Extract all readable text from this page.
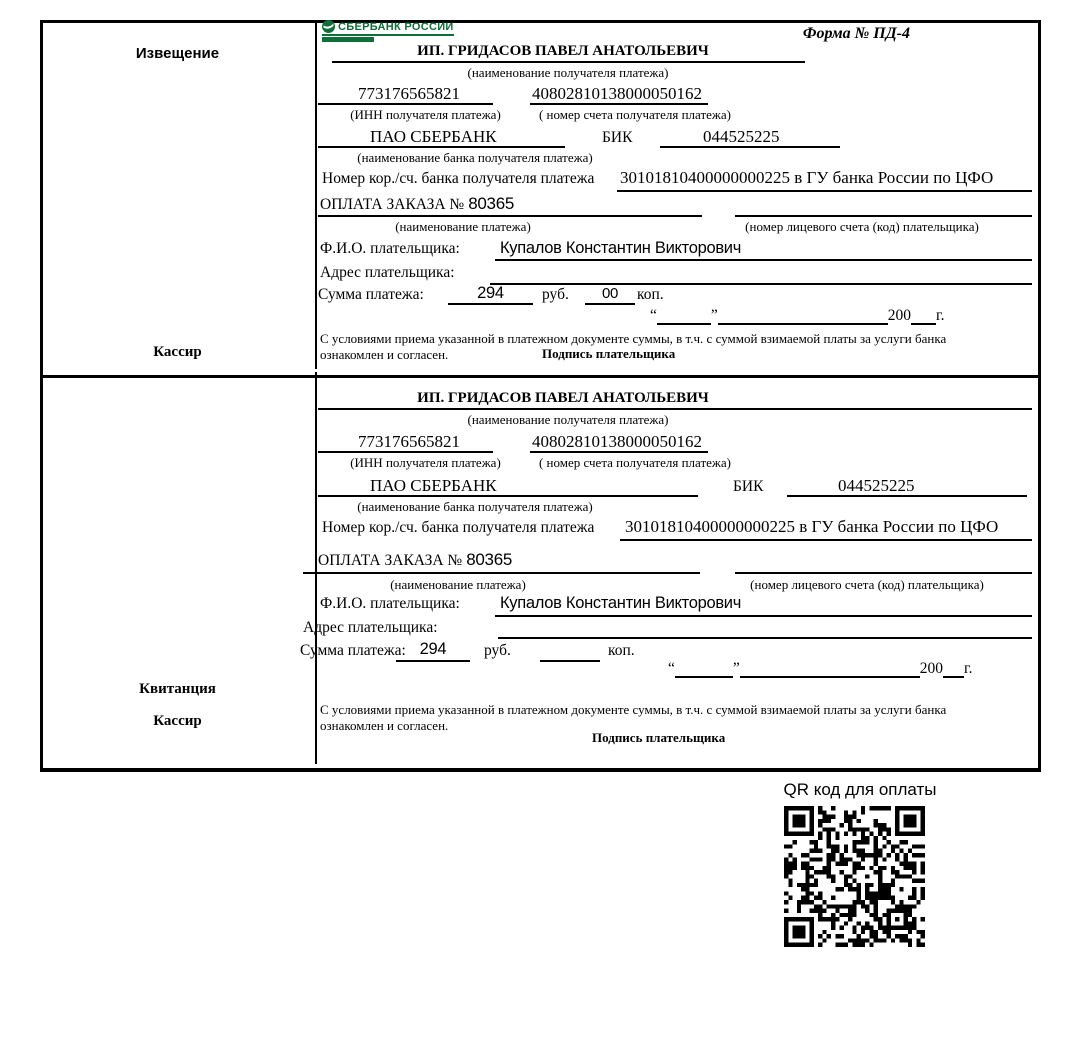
Извещение
Кассир
СБЕРБАНК РОССИИ	Форма № ПД-4
ИП. ГРИДАСОВ ПАВЕЛ АНАТОЛЬЕВИЧ
(наименование получателя платежа)
773176565821	40802810138000050162
(ИНН получателя платежа)	( номер счета получателя платежа)
ПАО СБЕРБАНК	БИК	044525225
(наименование банка получателя платежа)
Номер кор./сч. банка получателя платежа 30101810400000000225 в ГУ банка России по ЦФО
ОПЛАТА ЗАКАЗА № 80365
(наименование платежа)	(номер лицевого счета (код) плательщика)
Ф.И.О. плательщика: Купалов Константин Викторович
Адрес плательщика:
Сумма платежа:	294	руб.	00	коп.
“	”	200 г.
С условиями приема указанной в платежном документе суммы, в т.ч. с суммой взимаемой платы за услуги банка
ознакомлен и согласен.	Подпись плательщика
Квитанция
Кассир
ИП. ГРИДАСОВ ПАВЕЛ АНАТОЛЬЕВИЧ
(наименование получателя платежа)
773176565821	40802810138000050162
(ИНН получателя платежа)	( номер счета получателя платежа)
ПАО СБЕРБАНК	БИК	044525225
(наименование банка получателя платежа)
Номер кор./сч. банка получателя платежа 30101810400000000225 в ГУ банка России по ЦФО
ОПЛАТА ЗАКАЗА № 80365
(наименование платежа)	(номер лицевого счета (код) плательщика)
Ф.И.О. плательщика: Купалов Константин Викторович
Адрес плательщика:
Сумма платежа: 294	руб.	коп.
“	”	200 г.
С условиями приема указанной в платежном документе суммы, в т.ч. с суммой взимаемой платы за услуги банка
ознакомлен и согласен.
Подпись плательщика
QR код для оплаты
